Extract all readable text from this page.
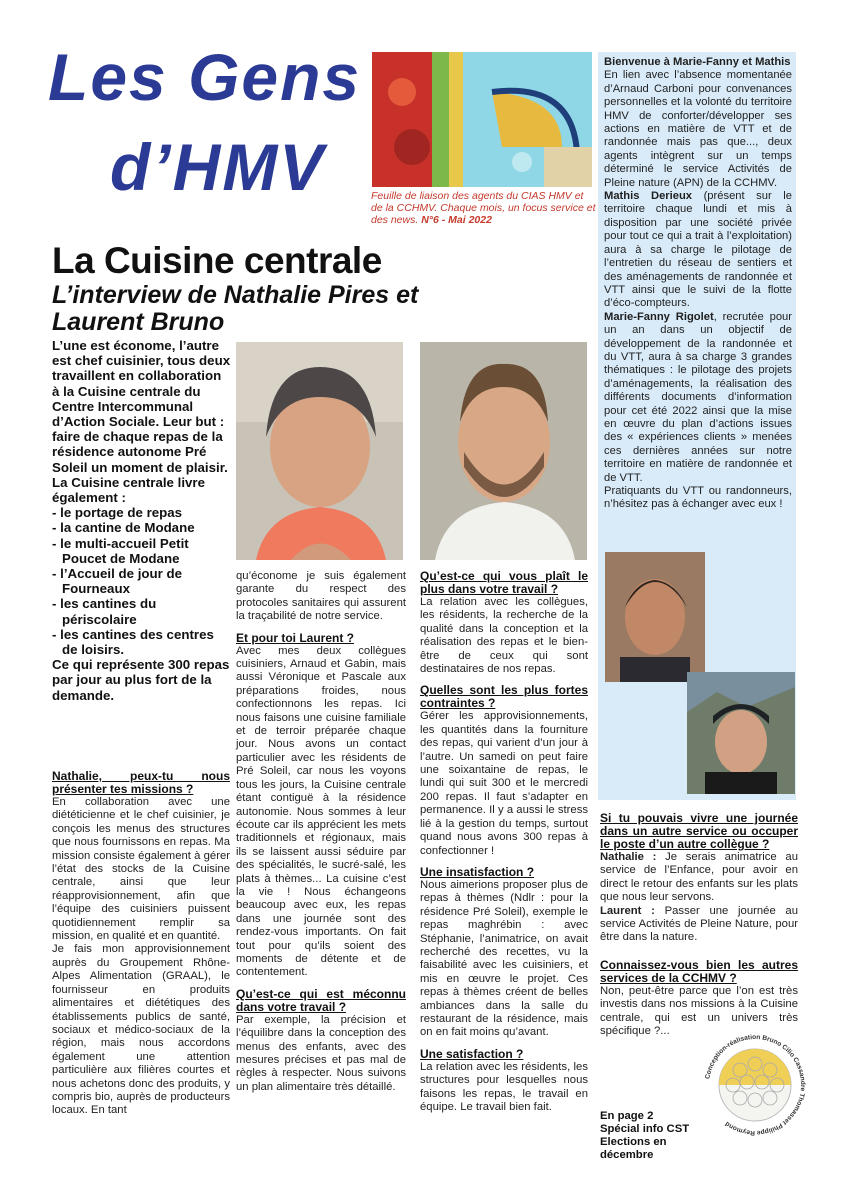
Les Gens
d’HMV	Feuille de liaison des agents du CIAS HMV et de la CCHMV. Chaque mois, un focus service et des news. N°6 - Mai 2022

Bienvenue à Marie-Fanny et Mathis

En lien avec l’absence momentanée d’Arnaud Carboni pour convenances personnelles et la volonté du territoire HMV de conforter/développer ses actions en matière de VTT et de randonnée mais pas que..., deux agents intègrent sur un temps déterminé le service Activités de Pleine nature (APN) de la CCHMV.

Mathis Derieux (présent sur le territoire chaque lundi et mis à disposition par une société privée pour tout ce qui a trait à l’exploitation) aura à sa charge le pilotage de l’entretien du réseau de sentiers et des aménagements de randonnée et VTT ainsi que le suivi de la flotte d’éco-compteurs.

Marie-Fanny Rigolet, recrutée pour un an dans un objectif de développement de la randonnée et du VTT, aura à sa charge 3 grandes thématiques : le pilotage des projets d’aménagements, la réalisation des différents documents d’information pour cet été 2022 ainsi que la mise en œuvre du plan d’actions issues des « expériences clients » menées ces dernières années sur notre territoire en matière de randonnée et de VTT.

Pratiquants du VTT ou randonneurs, n’hésitez pas à échanger avec eux !

La Cuisine centrale
L’interview de Nathalie Pires et Laurent Bruno

L’une est économe, l’autre est chef cuisinier, tous deux travaillent en collaboration à la Cuisine centrale du Centre Intercommunal d’Action Sociale. Leur but : faire de chaque repas de la résidence autonome Pré Soleil un moment de plaisir.

La Cuisine centrale livre également :

- le portage de repas
- la cantine de Modane
- le multi-accueil Petit Poucet de Modane
- l’Accueil de jour de Fourneaux
- les cantines du périscolaire
- les cantines des centres de loisirs.

Ce qui représente 300 repas par jour au plus fort de la demande.

Nathalie, peux-tu nous présenter tes missions ?

En collaboration avec une diététicienne et le chef cuisinier, je conçois les menus des structures que nous fournissons en repas. Ma mission consiste également à gérer l’état des stocks de la Cuisine centrale, ainsi que leur réapprovisionnement, afin que l’équipe des cuisiniers puissent quotidiennement remplir sa mission, en qualité et en quantité.

Je fais mon approvisionnement auprès du Groupement Rhône-Alpes Alimentation (GRAAL), le fournisseur en produits alimentaires et diététiques des établissements publics de santé, sociaux et médico-sociaux de la région, mais nous accordons également une attention particulière aux filières courtes et nous achetons donc des produits, y compris bio, auprès de producteurs locaux. En tant

qu’économe je suis également garante du respect des protocoles sanitaires qui assurent la traçabilité de notre service.

Et pour toi Laurent ?

Avec mes deux collègues cuisiniers, Arnaud et Gabin, mais aussi Véronique et Pascale aux préparations froides, nous confectionnons les repas. Ici nous faisons une cuisine familiale et de terroir préparée chaque jour. Nous avons un contact particulier avec les résidents de Pré Soleil, car nous les voyons tous les jours, la Cuisine centrale étant contiguë à la résidence autonomie. Nous sommes à leur écoute car ils apprécient les mets traditionnels et régionaux, mais ils se laissent aussi séduire par des spécialités, le sucré-salé, les plats à thèmes... La cuisine c’est la vie ! Nous échangeons beaucoup avec eux, les repas dans une journée sont des rendez-vous importants. On fait tout pour qu’ils soient des moments de détente et de contentement.

Qu’est-ce qui est méconnu dans votre travail ?

Par exemple, la précision et l’équilibre dans la conception des menus des enfants, avec des mesures précises et pas mal de règles à respecter. Nous suivons un plan alimentaire très détaillé.

Qu’est-ce qui vous plaît le plus dans votre travail ?

La relation avec les collègues, les résidents, la recherche de la qualité dans la conception et la réalisation des repas et le bien-être de ceux qui sont destinataires de nos repas.

Quelles sont les plus fortes contraintes ?

Gérer les approvisionnements, les quantités dans la fourniture des repas, qui varient d’un jour à l’autre. Un samedi on peut faire une soixantaine de repas, le lundi qui suit 300 et le mercredi 200 repas. Il faut s’adapter en permanence. Il y a aussi le stress lié à la gestion du temps, surtout quand nous avons 300 repas à confectionner !

Une insatisfaction ?

Nous aimerions proposer plus de repas à thèmes (Ndlr : pour la résidence Pré Soleil), exemple le repas maghrébin : avec Stéphanie, l’animatrice, on avait recherché des recettes, vu la faisabilité avec les cuisiniers, et mis en œuvre le projet. Ces repas à thèmes créent de belles ambiances dans la salle du restaurant de la résidence, mais on en fait moins qu’avant.

Une satisfaction ?

La relation avec les résidents, les structures pour lesquelles nous faisons les repas, le travail en équipe. Le travail bien fait.

Si tu pouvais vivre une journée dans un autre service ou occuper le poste d’un autre collègue ?

Nathalie : Je serais animatrice au service de l’Enfance, pour avoir en direct le retour des enfants sur les plats que nous leur servons.

Laurent : Passer une journée au service Activités de Pleine Nature, pour être dans la nature.

Connaissez-vous bien les autres services de la CCHMV ?

Non, peut-être parce que l’on est très investis dans nos missions à la Cuisine centrale, qui est un univers très spécifique ?...

Conception-réalisation Bruno Cilio Cassandre Thomasset Philippe Reymond
En page 2
Spécial info CST
Elections en décembre
